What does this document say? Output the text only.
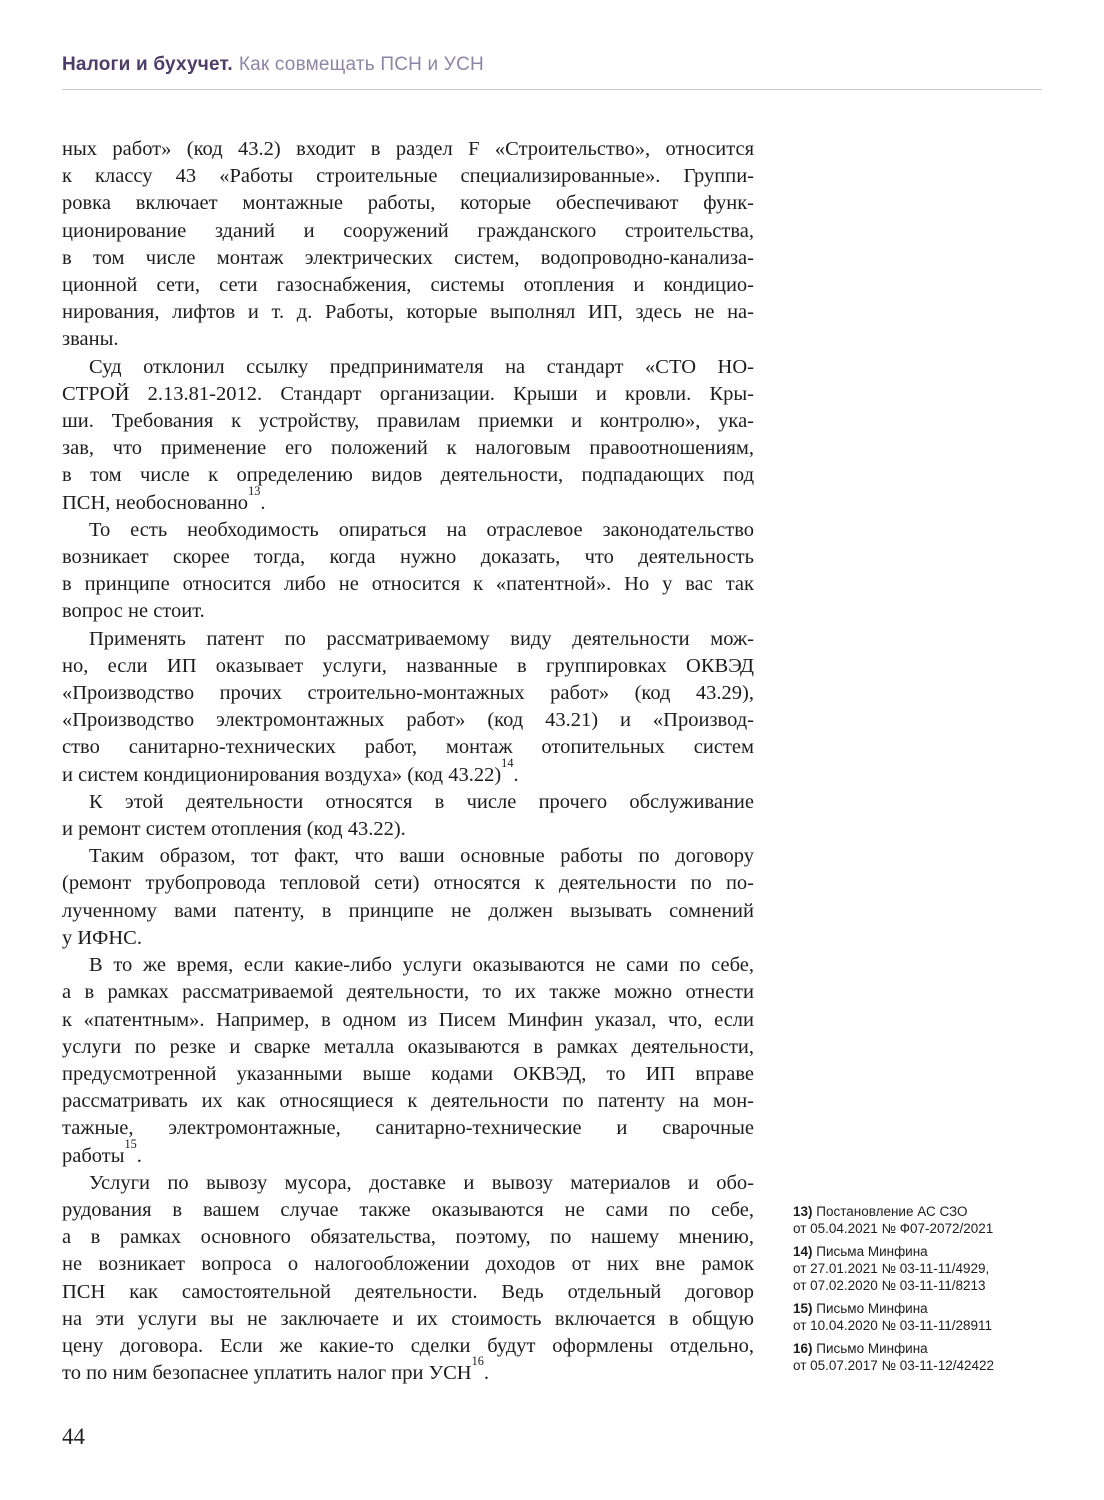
Налоги и бухучет. Как совмещать ПСН и УСН
ных работ» (код 43.2) входит в раздел F «Строительство», относится
к классу 43 «Работы строительные специализированные». Группи-
ровка включает монтажные работы, которые обеспечивают функ-
ционирование зданий и сооружений гражданского строительства,
в том числе монтаж электрических систем, водопроводно-канализа-
ционной сети, сети газоснабжения, системы отопления и кондицио-
нирования, лифтов и т. д. Работы, которые выполнял ИП, здесь не на-
званы.
Суд отклонил ссылку предпринимателя на стандарт «СТО НО-
СТРОЙ 2.13.81-2012. Стандарт организации. Крыши и кровли. Кры-
ши. Требования к устройству, правилам приемки и контролю», ука-
зав, что применение его положений к налоговым правоотношениям,
в том числе к определению видов деятельности, подпадающих под
ПСН, необоснованно$^{13}$.
То есть необходимость опираться на отраслевое законодательство
возникает скорее тогда, когда нужно доказать, что деятельность
в принципе относится либо не относится к «патентной». Но у вас так
вопрос не стоит.
Применять патент по рассматриваемому виду деятельности мож-
но, если ИП оказывает услуги, названные в группировках ОКВЭД
«Производство прочих строительно-монтажных работ» (код 43.29),
«Производство электромонтажных работ» (код 43.21) и «Производ-
ство санитарно-технических работ, монтаж отопительных систем
и систем кондиционирования воздуха» (код 43.22)$^{14}$.
К этой деятельности относятся в числе прочего обслуживание
и ремонт систем отопления (код 43.22).
Таким образом, тот факт, что ваши основные работы по договору
(ремонт трубопровода тепловой сети) относятся к деятельности по по-
лученному вами патенту, в принципе не должен вызывать сомнений
у ИФНС.
В то же время, если какие-либо услуги оказываются не сами по себе,
а в рамках рассматриваемой деятельности, то их также можно отнести
к «патентным». Например, в одном из Писем Минфин указал, что, если
услуги по резке и сварке металла оказываются в рамках деятельности,
предусмотренной указанными выше кодами ОКВЭД, то ИП вправе
рассматривать их как относящиеся к деятельности по патенту на мон-
тажные, электромонтажные, санитарно-технические и сварочные
работы$^{15}$.
Услуги по вывозу мусора, доставке и вывозу материалов и обо-
рудования в вашем случае также оказываются не сами по себе,
а в рамках основного обязательства, поэтому, по нашему мнению,
не возникает вопроса о налогообложении доходов от них вне рамок
ПСН как самостоятельной деятельности. Ведь отдельный договор
на эти услуги вы не заключаете и их стоимость включается в общую
цену договора. Если же какие-то сделки будут оформлены отдельно,
то по ним безопаснее уплатить налог при УСН$^{16}$.
13) Постановление АС СЗО
от 05.04.2021 № Ф07-2072/2021
14) Письма Минфина
от 27.01.2021 № 03-11-11/4929,
от 07.02.2020 № 03-11-11/8213
15) Письмо Минфина
от 10.04.2020 № 03-11-11/28911
16) Письмо Минфина
от 05.07.2017 № 03-11-12/42422
44
